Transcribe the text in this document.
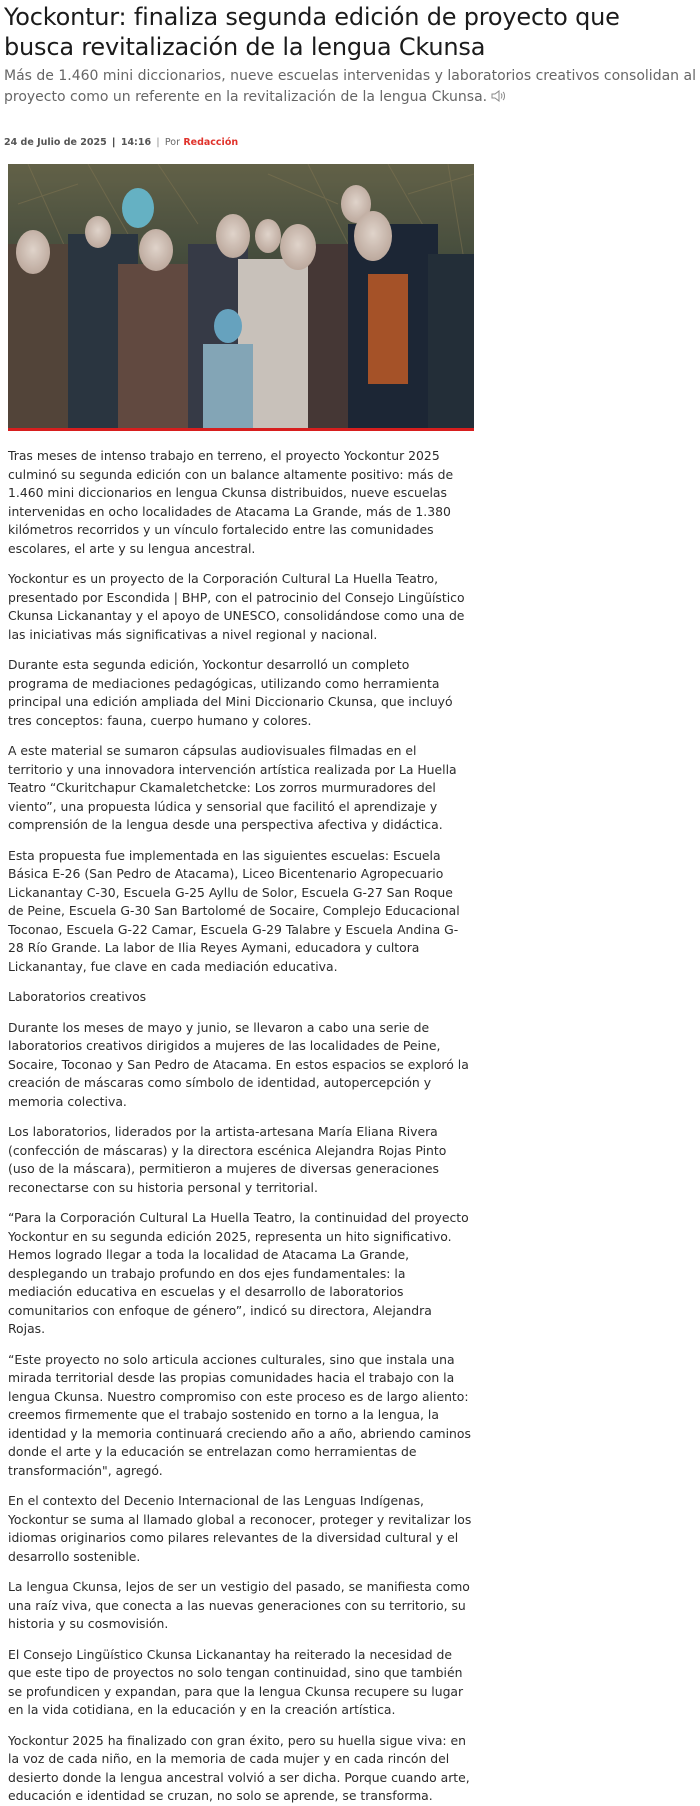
Yockontur: finaliza segunda edición de proyecto que busca revitalización de la lengua Ckunsa

Más de 1.460 mini diccionarios, nueve escuelas intervenidas y laboratorios creativos consolidan al proyecto como un referente en la revitalización de la lengua Ckunsa.

24 de Julio de 2025 | 14:16 | Por Redacción

Tras meses de intenso trabajo en terreno, el proyecto Yockontur 2025 culminó su segunda edición con un balance altamente positivo: más de 1.460 mini diccionarios en lengua Ckunsa distribuidos, nueve escuelas intervenidas en ocho localidades de Atacama La Grande, más de 1.380 kilómetros recorridos y un vínculo fortalecido entre las comunidades escolares, el arte y su lengua ancestral.

Yockontur es un proyecto de la Corporación Cultural La Huella Teatro, presentado por Escondida | BHP, con el patrocinio del Consejo Lingüístico Ckunsa Lickanantay y el apoyo de UNESCO, consolidándose como una de las iniciativas más significativas a nivel regional y nacional.

Durante esta segunda edición, Yockontur desarrolló un completo programa de mediaciones pedagógicas, utilizando como herramienta principal una edición ampliada del Mini Diccionario Ckunsa, que incluyó tres conceptos: fauna, cuerpo humano y colores.

A este material se sumaron cápsulas audiovisuales filmadas en el territorio y una innovadora intervención artística realizada por La Huella Teatro “Ckuritchapur Ckamaletchetcke: Los zorros murmuradores del viento”, una propuesta lúdica y sensorial que facilitó el aprendizaje y comprensión de la lengua desde una perspectiva afectiva y didáctica.

Esta propuesta fue implementada en las siguientes escuelas: Escuela Básica E-26 (San Pedro de Atacama), Liceo Bicentenario Agropecuario Lickanantay C-30, Escuela G-25 Ayllu de Solor, Escuela G-27 San Roque de Peine, Escuela G-30 San Bartolomé de Socaire, Complejo Educacional Toconao, Escuela G-22 Camar, Escuela G-29 Talabre y Escuela Andina G-28 Río Grande. La labor de Ilia Reyes Aymani, educadora y cultora Lickanantay, fue clave en cada mediación educativa.

Laboratorios creativos

Durante los meses de mayo y junio, se llevaron a cabo una serie de laboratorios creativos dirigidos a mujeres de las localidades de Peine, Socaire, Toconao y San Pedro de Atacama. En estos espacios se exploró la creación de máscaras como símbolo de identidad, autopercepción y memoria colectiva.

Los laboratorios, liderados por la artista-artesana María Eliana Rivera (confección de máscaras) y la directora escénica Alejandra Rojas Pinto (uso de la máscara), permitieron a mujeres de diversas generaciones reconectarse con su historia personal y territorial.

“Para la Corporación Cultural La Huella Teatro, la continuidad del proyecto Yockontur en su segunda edición 2025, representa un hito significativo. Hemos logrado llegar a toda la localidad de Atacama La Grande, desplegando un trabajo profundo en dos ejes fundamentales: la mediación educativa en escuelas y el desarrollo de laboratorios comunitarios con enfoque de género”, indicó su directora, Alejandra Rojas.

“Este proyecto no solo articula acciones culturales, sino que instala una mirada territorial desde las propias comunidades hacia el trabajo con la lengua Ckunsa. Nuestro compromiso con este proceso es de largo aliento: creemos firmemente que el trabajo sostenido en torno a la lengua, la identidad y la memoria continuará creciendo año a año, abriendo caminos donde el arte y la educación se entrelazan como herramientas de transformación", agregó.

En el contexto del Decenio Internacional de las Lenguas Indígenas, Yockontur se suma al llamado global a reconocer, proteger y revitalizar los idiomas originarios como pilares relevantes de la diversidad cultural y el desarrollo sostenible.

La lengua Ckunsa, lejos de ser un vestigio del pasado, se manifiesta como una raíz viva, que conecta a las nuevas generaciones con su territorio, su historia y su cosmovisión.

El Consejo Lingüístico Ckunsa Lickanantay ha reiterado la necesidad de que este tipo de proyectos no solo tengan continuidad, sino que también se profundicen y expandan, para que la lengua Ckunsa recupere su lugar en la vida cotidiana, en la educación y en la creación artística.

Yockontur 2025 ha finalizado con gran éxito, pero su huella sigue viva: en la voz de cada niño, en la memoria de cada mujer y en cada rincón del desierto donde la lengua ancestral volvió a ser dicha. Porque cuando arte, educación e identidad se cruzan, no solo se aprende, se transforma.
